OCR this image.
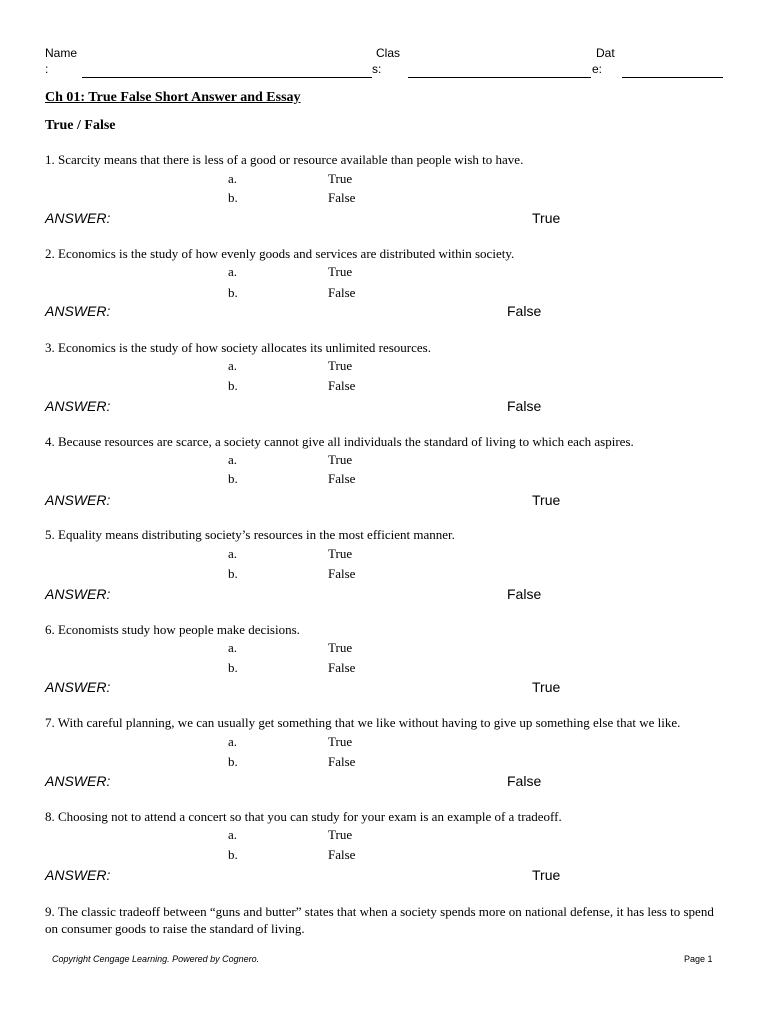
Name
:
Clas
s:
Dat
e:
Ch 01: True False Short Answer and Essay
True / False
1. Scarcity means that there is less of a good or resource available than people wish to have.
a.	True
b.	False
ANSWER:	True
2. Economics is the study of how evenly goods and services are distributed within society.
a.	True
b.	False
ANSWER:	False
3. Economics is the study of how society allocates its unlimited resources.
a.	True
b.	False
ANSWER:	False
4. Because resources are scarce, a society cannot give all individuals the standard of living to which each aspires.
a.	True
b.	False
ANSWER:	True
5. Equality means distributing society’s resources in the most efficient manner.
a.	True
b.	False
ANSWER:	False
6. Economists study how people make decisions.
a.	True
b.	False
ANSWER:	True
7. With careful planning, we can usually get something that we like without having to give up something else that we like.
a.	True
b.	False
ANSWER:	False
8. Choosing not to attend a concert so that you can study for your exam is an example of a tradeoff.
a.	True
b.	False
ANSWER:	True
9. The classic tradeoff between “guns and butter” states that when a society spends more on national defense, it has less to spend on consumer goods to raise the standard of living.
Copyright Cengage Learning. Powered by Cognero.	Page 1
